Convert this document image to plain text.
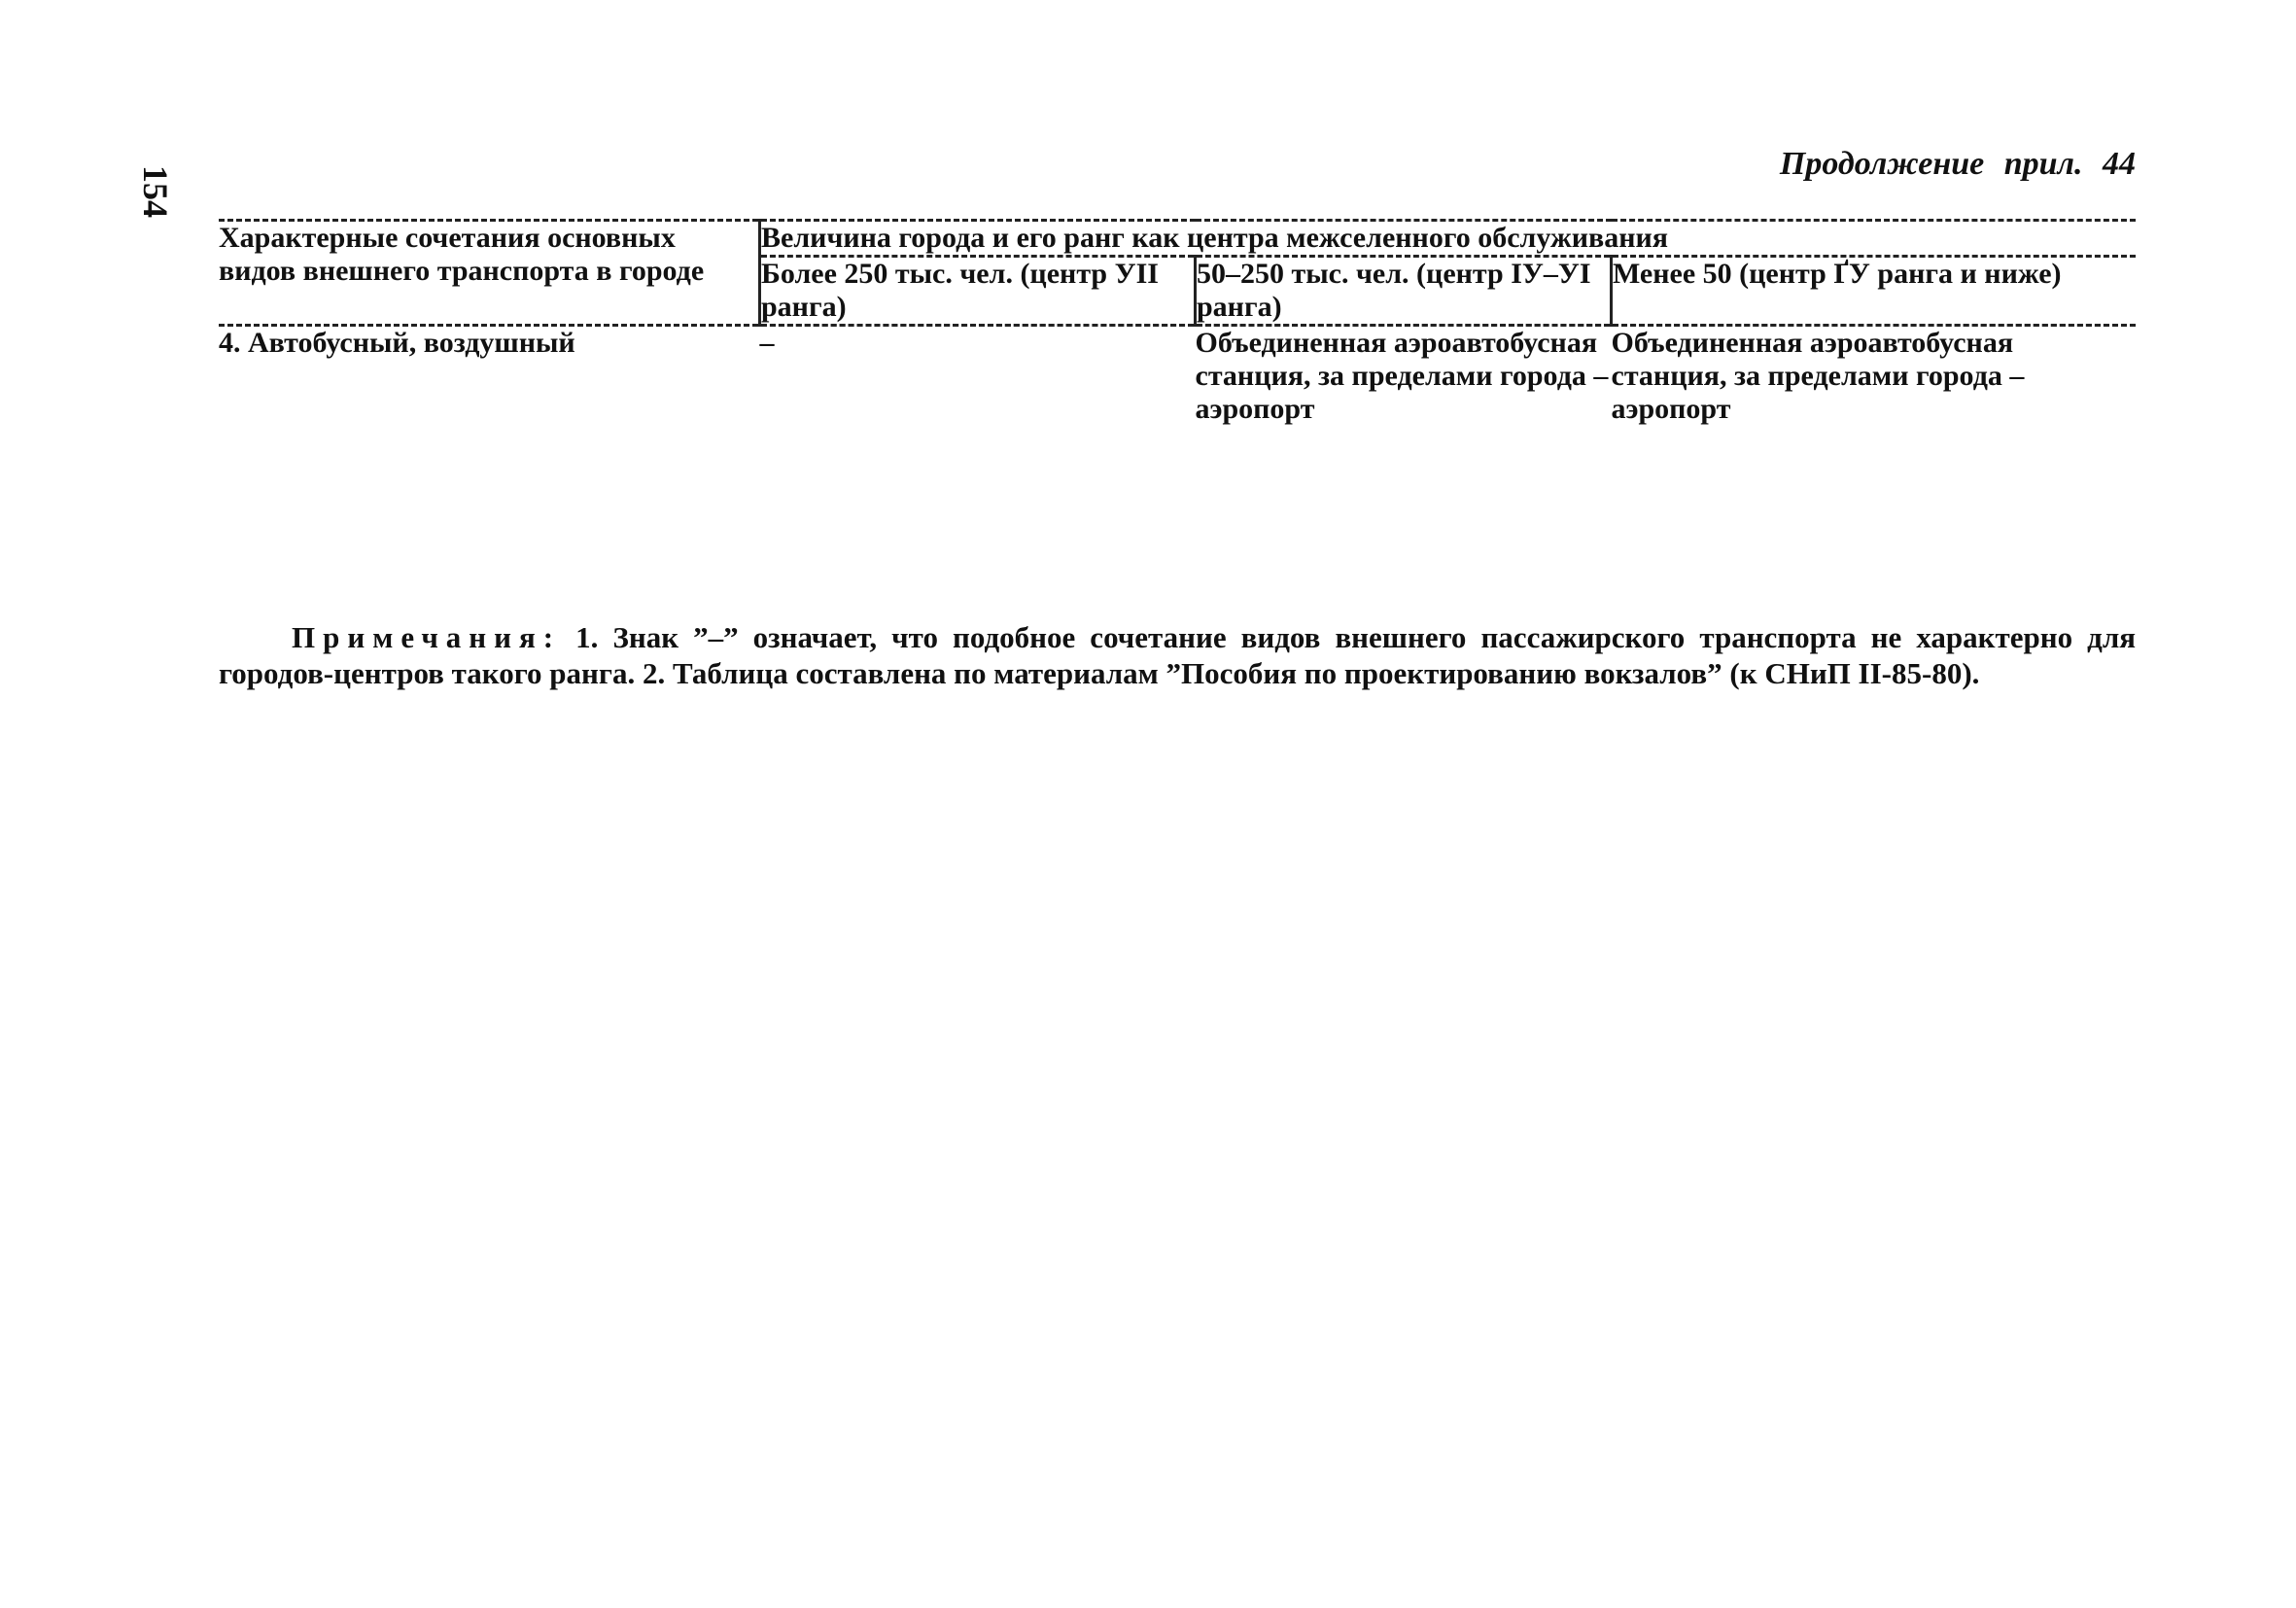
154
Продолжение прил. 44
Характерные сочетания основных видов внешнего транспорта в городе	Величина города и его ранг как центра межселенного обслуживания		
	Более 250 тыс. чел. (центр УII ранга)	50–250 тыс. чел. (центр IУ–УI ранга)	Менее 50 (центр ҐУ ранга и ниже)
4. Автобусный, воздушный	–	Объединенная аэроавтобусная станция, за пределами города – аэропорт	Объединенная аэроавтобусная станция, за пределами города – аэропорт
Примечания: 1. Знак ”–” означает, что подобное сочетание видов внешнего пассажирского транспорта не характерно для городов-центров такого ранга. 2. Таблица составлена по материалам ”Пособия по проектированию вокзалов” (к СНиП II-85-80).
